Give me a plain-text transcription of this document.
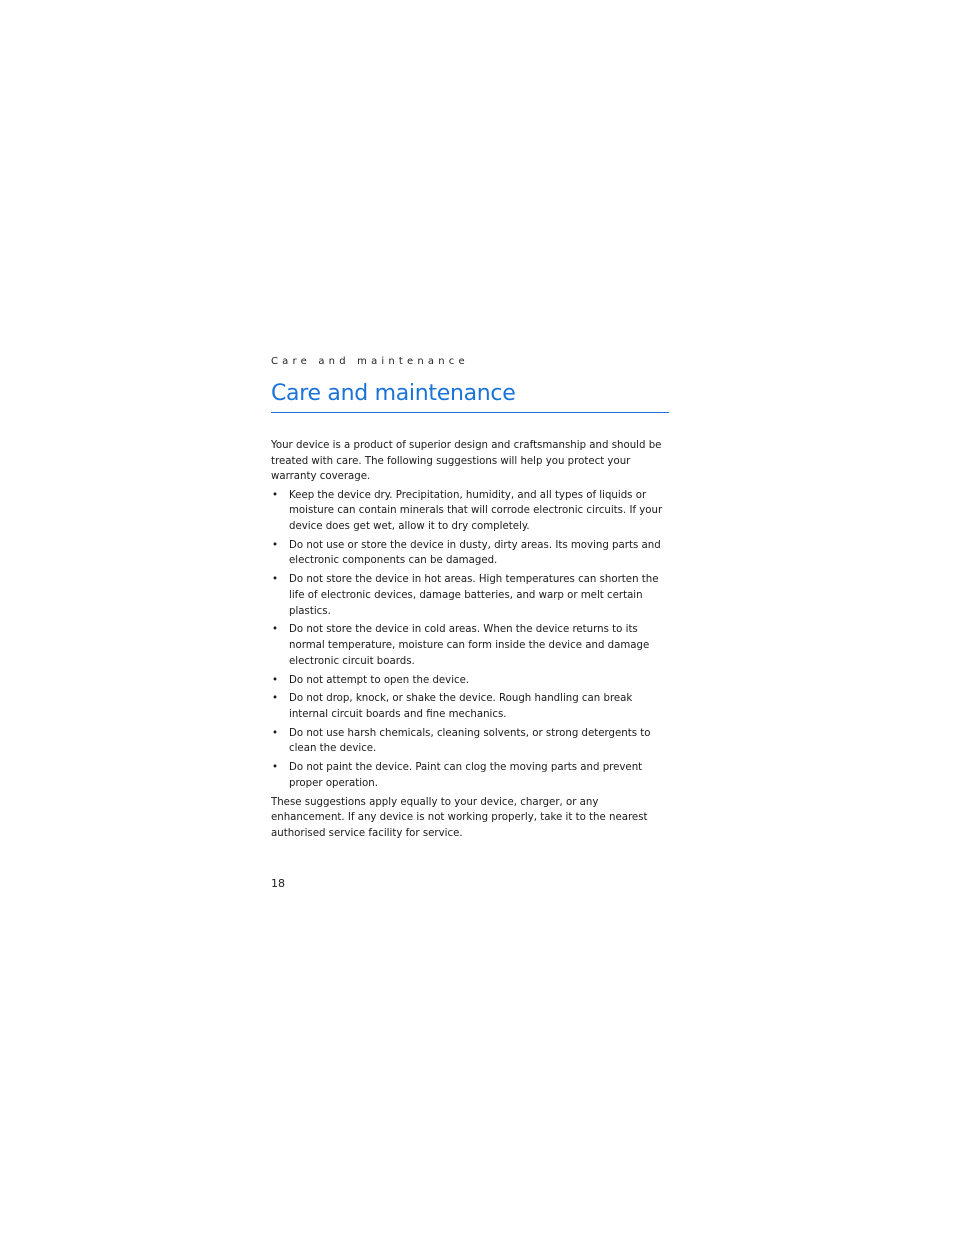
Care and maintenance

Care and maintenance

Your device is a product of superior design and craftsmanship and should be treated with care. The following suggestions will help you protect your warranty coverage.

• Keep the device dry. Precipitation, humidity, and all types of liquids or moisture can contain minerals that will corrode electronic circuits. If your device does get wet, allow it to dry completely.
• Do not use or store the device in dusty, dirty areas. Its moving parts and electronic components can be damaged.
• Do not store the device in hot areas. High temperatures can shorten the life of electronic devices, damage batteries, and warp or melt certain plastics.
• Do not store the device in cold areas. When the device returns to its normal temperature, moisture can form inside the device and damage electronic circuit boards.
• Do not attempt to open the device.
• Do not drop, knock, or shake the device. Rough handling can break internal circuit boards and fine mechanics.
• Do not use harsh chemicals, cleaning solvents, or strong detergents to clean the device.
• Do not paint the device. Paint can clog the moving parts and prevent proper operation.

These suggestions apply equally to your device, charger, or any enhancement. If any device is not working properly, take it to the nearest authorised service facility for service.

18
